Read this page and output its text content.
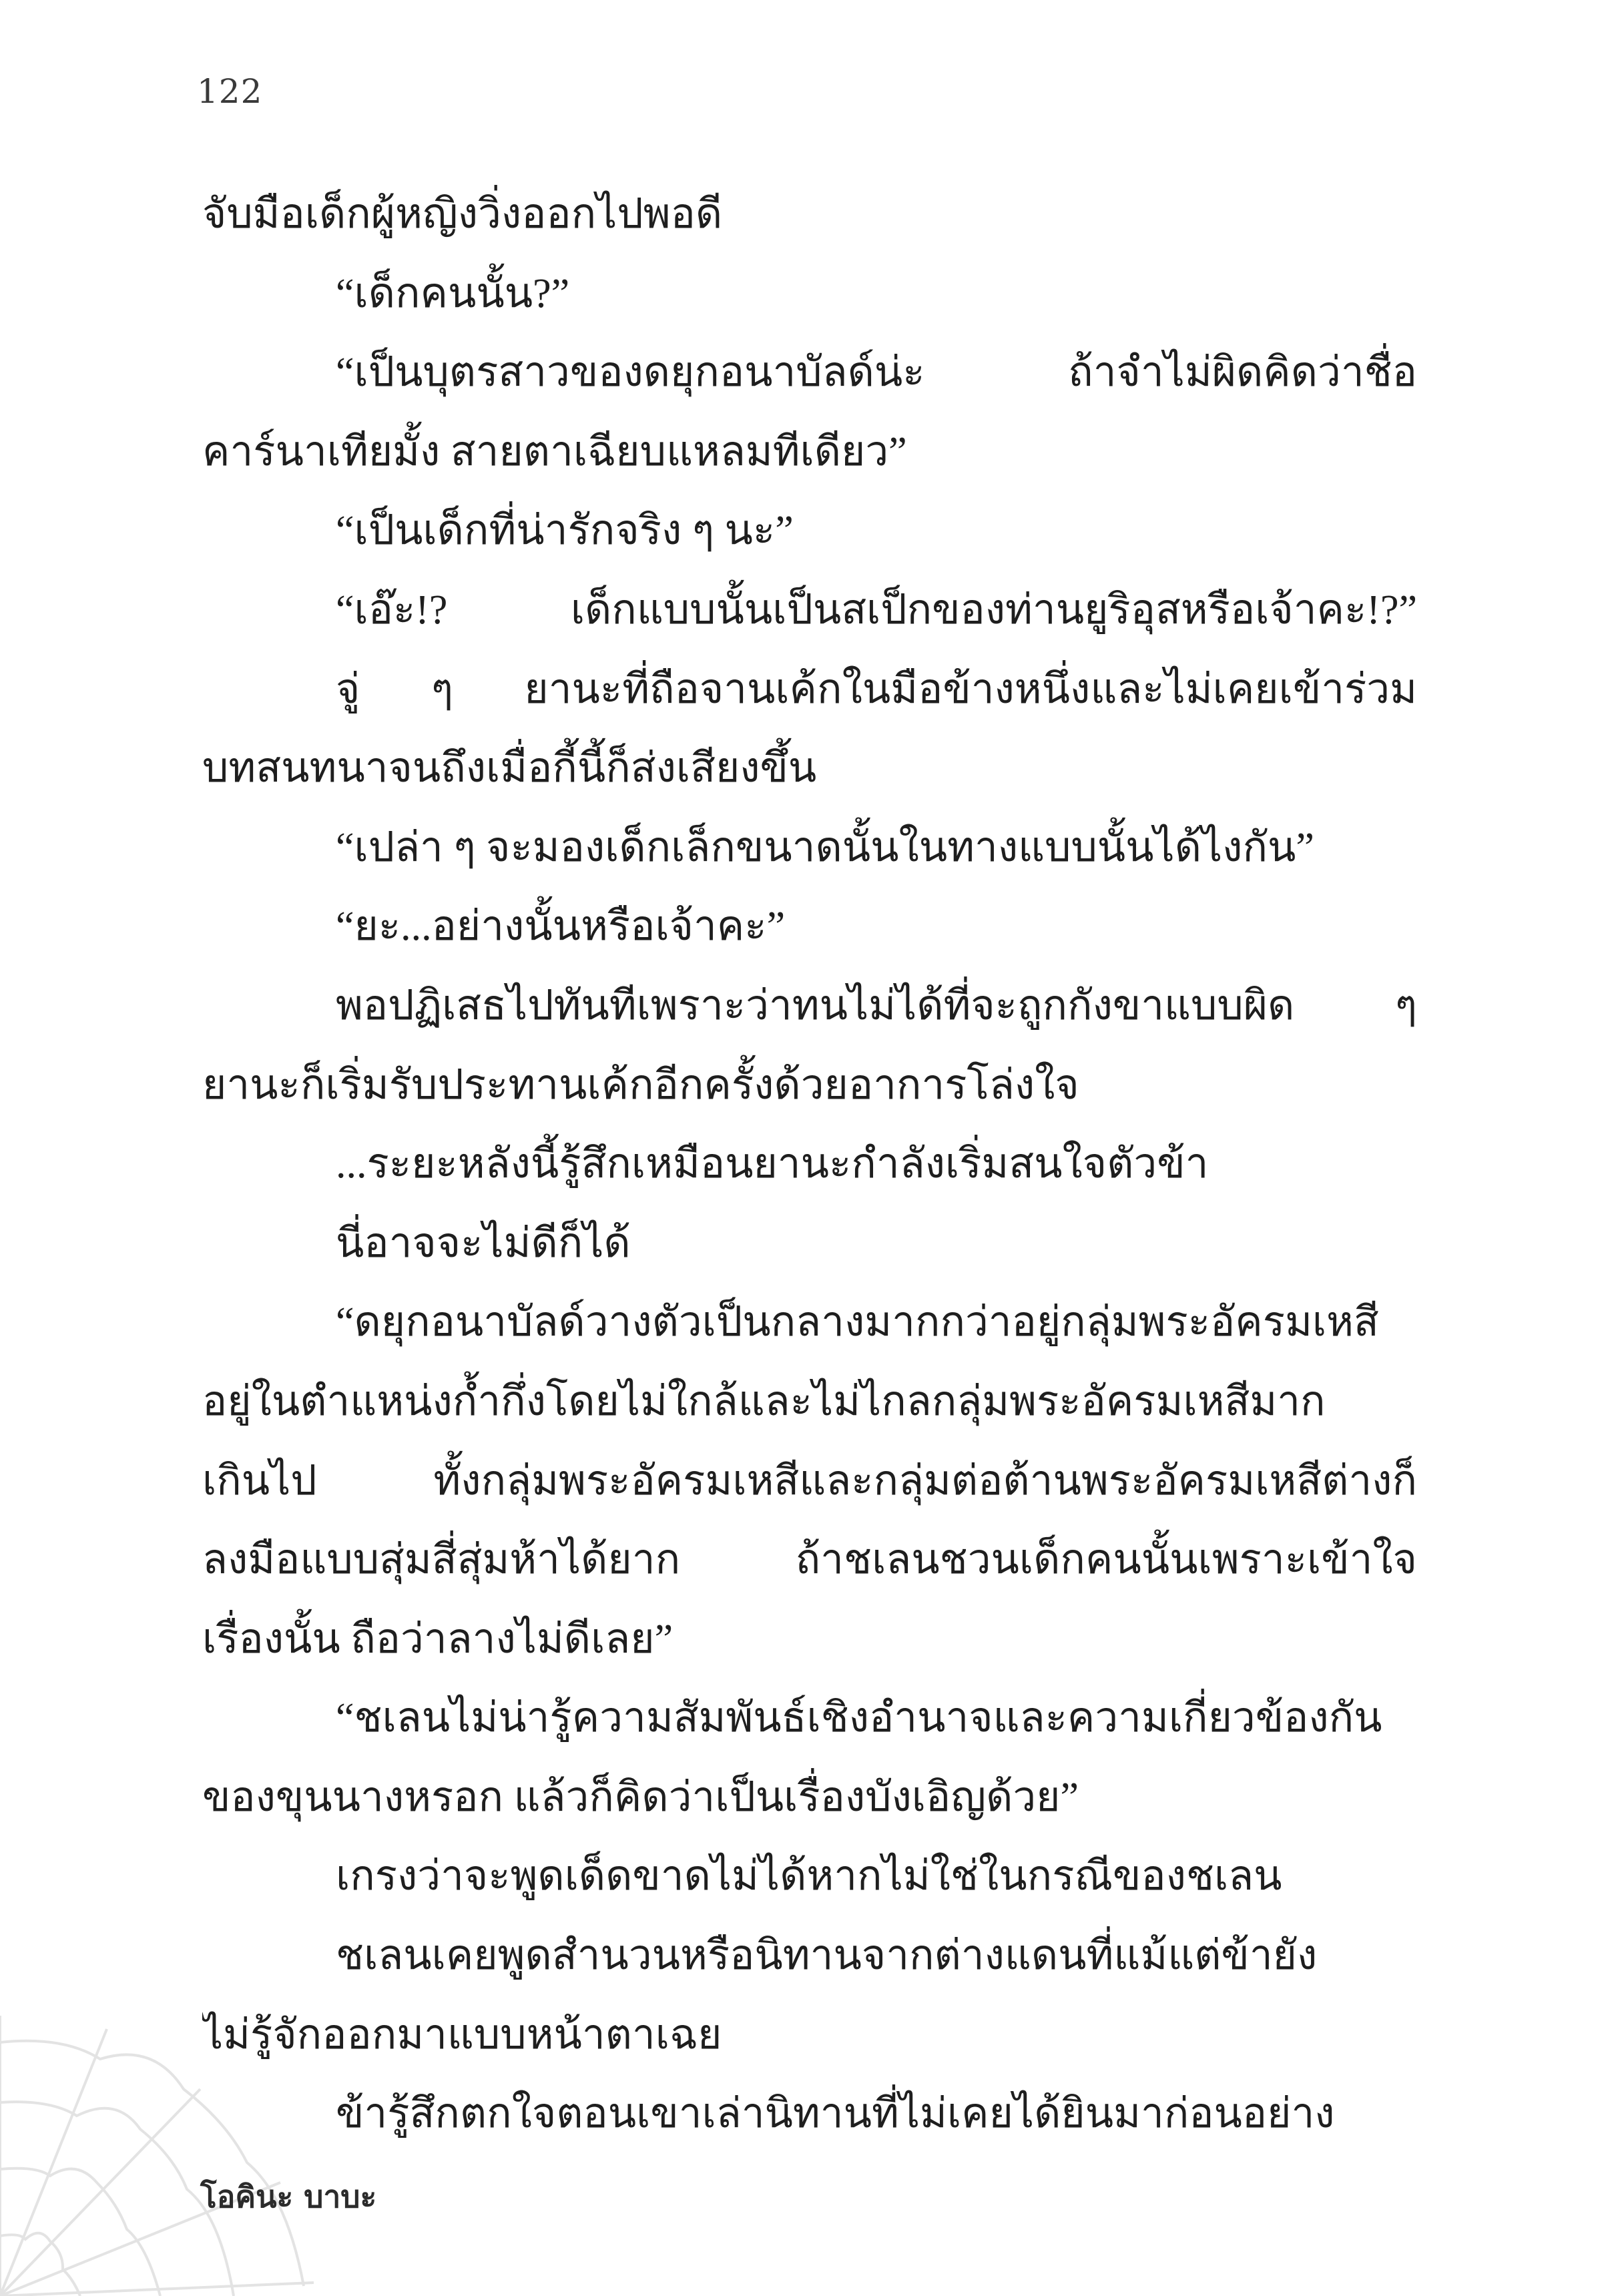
122
จับมือเด็กผู้หญิงวิ่งออกไปพอดี
“เด็กคนนั้น?”
“เป็นบุตรสาวของดยุกอนาบัลด์น่ะ ถ้าจำไม่ผิดคิดว่าชื่อ
คาร์นาเทียมั้ง สายตาเฉียบแหลมทีเดียว”
“เป็นเด็กที่น่ารักจริง ๆ นะ”
“เอ๊ะ!? เด็กแบบนั้นเป็นสเป็กของท่านยูริอุสหรือเจ้าคะ!?”
จู่ ๆ ยานะที่ถือจานเค้กในมือข้างหนึ่งและไม่เคยเข้าร่วม
บทสนทนาจนถึงเมื่อกี้นี้ก็ส่งเสียงขึ้น
“เปล่า ๆ จะมองเด็กเล็กขนาดนั้นในทางแบบนั้นได้ไงกัน”
“ยะ...อย่างนั้นหรือเจ้าคะ”
พอปฏิเสธไปทันทีเพราะว่าทนไม่ได้ที่จะถูกกังขาแบบผิด ๆ
ยานะก็เริ่มรับประทานเค้กอีกครั้งด้วยอาการโล่งใจ
...ระยะหลังนี้รู้สึกเหมือนยานะกำลังเริ่มสนใจตัวข้า
นี่อาจจะไม่ดีก็ได้
“ดยุกอนาบัลด์วางตัวเป็นกลางมากกว่าอยู่กลุ่มพระอัครมเหสี
อยู่ในตำแหน่งก้ำกึ่งโดยไม่ใกล้และไม่ไกลกลุ่มพระอัครมเหสีมาก
เกินไป ทั้งกลุ่มพระอัครมเหสีและกลุ่มต่อต้านพระอัครมเหสีต่างก็
ลงมือแบบสุ่มสี่สุ่มห้าได้ยาก ถ้าชเลนชวนเด็กคนนั้นเพราะเข้าใจ
เรื่องนั้น ถือว่าลางไม่ดีเลย”
“ชเลนไม่น่ารู้ความสัมพันธ์เชิงอำนาจและความเกี่ยวข้องกัน
ของขุนนางหรอก แล้วก็คิดว่าเป็นเรื่องบังเอิญด้วย”
เกรงว่าจะพูดเด็ดขาดไม่ได้หากไม่ใช่ในกรณีของชเลน
ชเลนเคยพูดสำนวนหรือนิทานจากต่างแดนที่แม้แต่ข้ายัง
ไม่รู้จักออกมาแบบหน้าตาเฉย
ข้ารู้สึกตกใจตอนเขาเล่านิทานที่ไม่เคยได้ยินมาก่อนอย่าง
โอคินะ บาบะ
